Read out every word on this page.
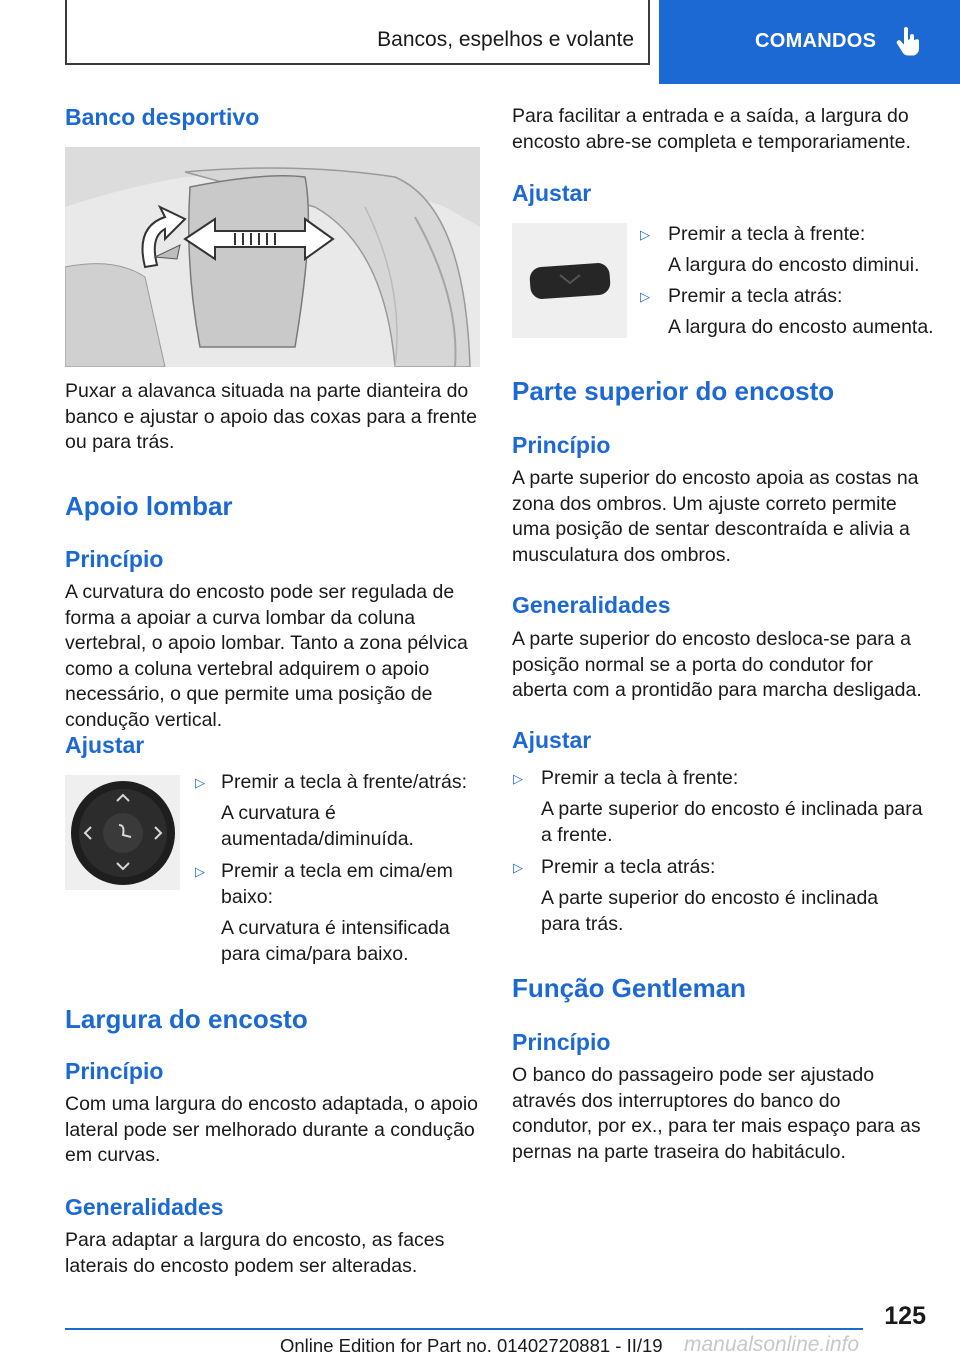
Bancos, espelhos e volante	COMANDOS
Banco desportivo
Puxar a alavanca situada na parte dianteira do banco e ajustar o apoio das coxas para a frente ou para trás.
Apoio lombar
Princípio
A curvatura do encosto pode ser regulada de forma a apoiar a curva lombar da coluna vertebral, o apoio lombar. Tanto a zona pélvica como a coluna vertebral adquirem o apoio necessário, o que permite uma posição de condução vertical.
Ajustar
▷ Premir a tecla à frente/atrás:
A curvatura é aumentada/diminuída.
▷ Premir a tecla em cima/em baixo:
A curvatura é intensificada para cima/para baixo.
Largura do encosto
Princípio
Com uma largura do encosto adaptada, o apoio lateral pode ser melhorado durante a condução em curvas.
Generalidades
Para adaptar a largura do encosto, as faces laterais do encosto podem ser alteradas.
Para facilitar a entrada e a saída, a largura do encosto abre-se completa e temporariamente.
Ajustar
▷ Premir a tecla à frente:
A largura do encosto diminui.
▷ Premir a tecla atrás:
A largura do encosto aumenta.
Parte superior do encosto
Princípio
A parte superior do encosto apoia as costas na zona dos ombros. Um ajuste correto permite uma posição de sentar descontraída e alivia a musculatura dos ombros.
Generalidades
A parte superior do encosto desloca-se para a posição normal se a porta do condutor for aberta com a prontidão para marcha desligada.
Ajustar
▷ Premir a tecla à frente:
A parte superior do encosto é inclinada para a frente.
▷ Premir a tecla atrás:
A parte superior do encosto é inclinada para trás.
Função Gentleman
Princípio
O banco do passageiro pode ser ajustado através dos interruptores do banco do condutor, por ex., para ter mais espaço para as pernas na parte traseira do habitáculo.
125
Online Edition for Part no. 01402720881 - II/19 manualsonline.info
